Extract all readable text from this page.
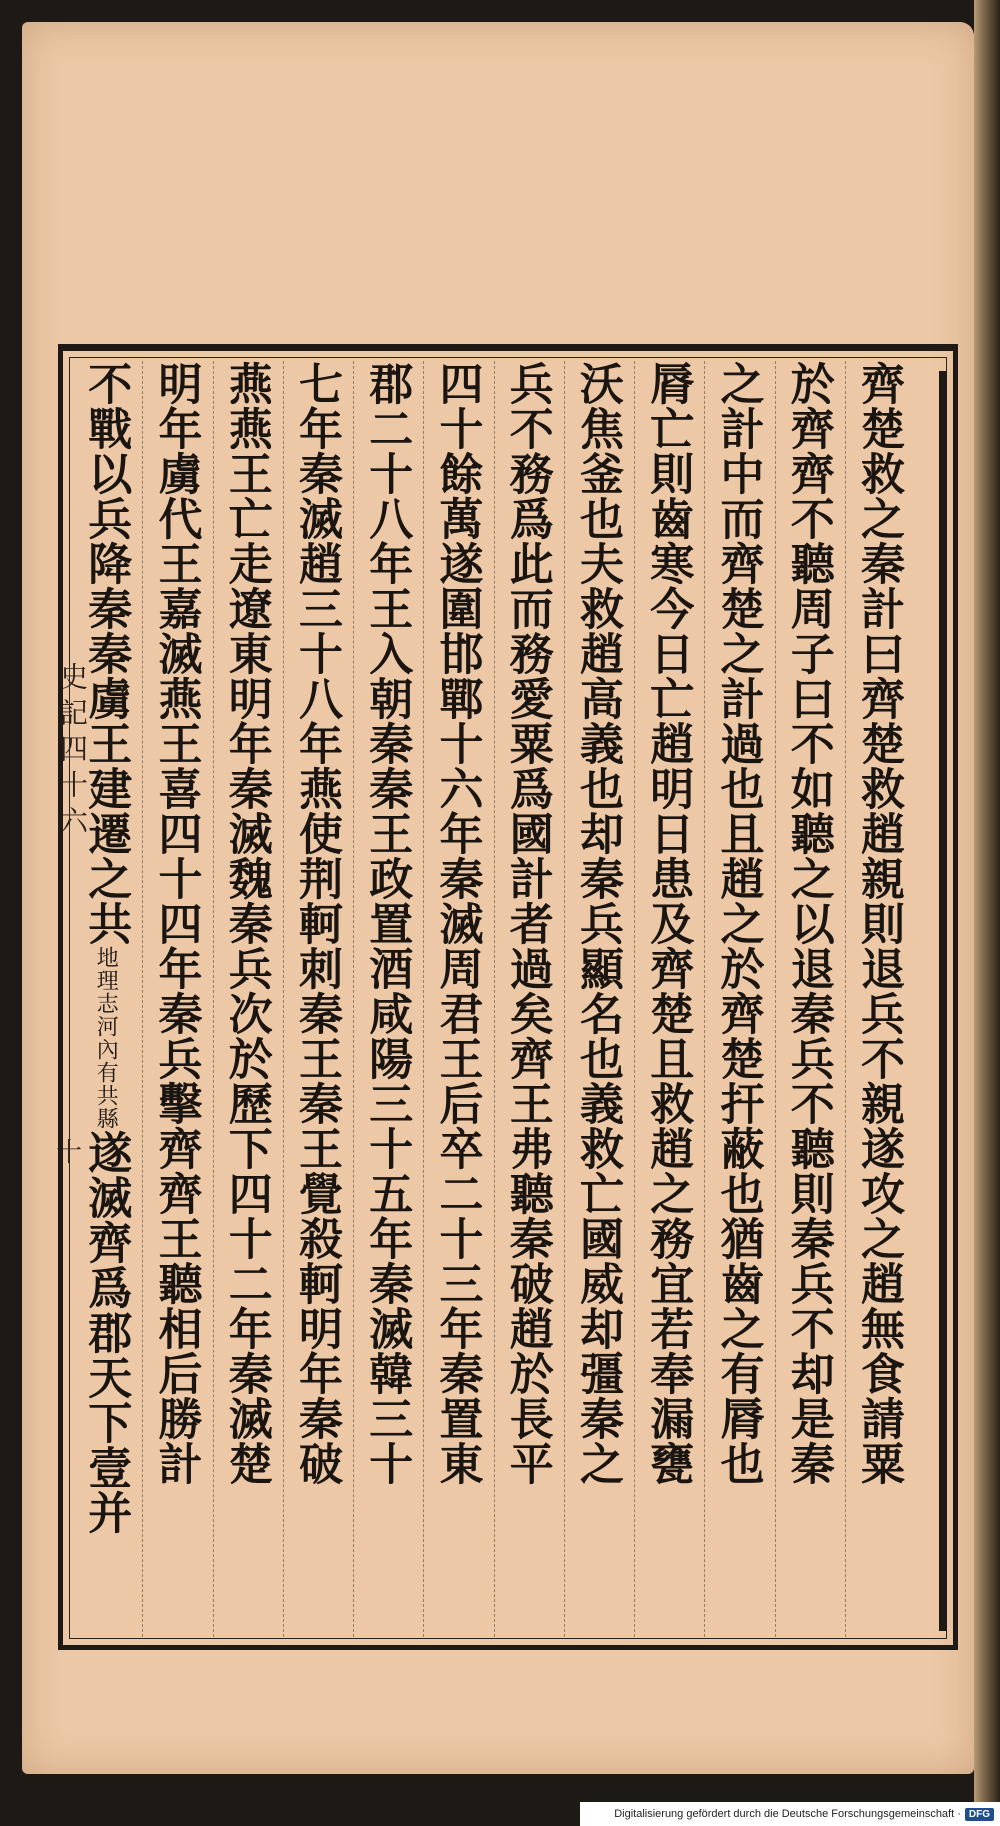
史記四十六
十	齊楚救之秦計曰齊楚救趙親則退兵不親遂攻之趙無食請粟
於齊齊不聽周子曰不如聽之以退秦兵不聽則秦兵不却是秦
之計中而齊楚之計過也且趙之於齊楚扞蔽也猶齒之有脣也
脣亡則齒寒今日亡趙明日患及齊楚且救趙之務宜若奉漏甕
沃焦釜也夫救趙高義也却秦兵顯名也義救亡國威却彊秦之
兵不務爲此而務愛粟爲國計者過矣齊王弗聽秦破趙於長平
四十餘萬遂圍邯鄲十六年秦滅周君王后卒二十三年秦置東
郡二十八年王入朝秦秦王政置酒咸陽三十五年秦滅韓三十
七年秦滅趙三十八年燕使荆軻刺秦王秦王覺殺軻明年秦破
燕燕王亡走遼東明年秦滅魏秦兵次於歷下四十二年秦滅楚
明年虜代王嘉滅燕王喜四十四年秦兵擊齊齊王聽相后勝計
不戰以兵降秦秦虜王建遷之共地理志河內有共縣遂滅齊爲郡天下壹并
Digitalisierung gefördert durch die Deutsche Forschungsgemeinschaft · DFG
